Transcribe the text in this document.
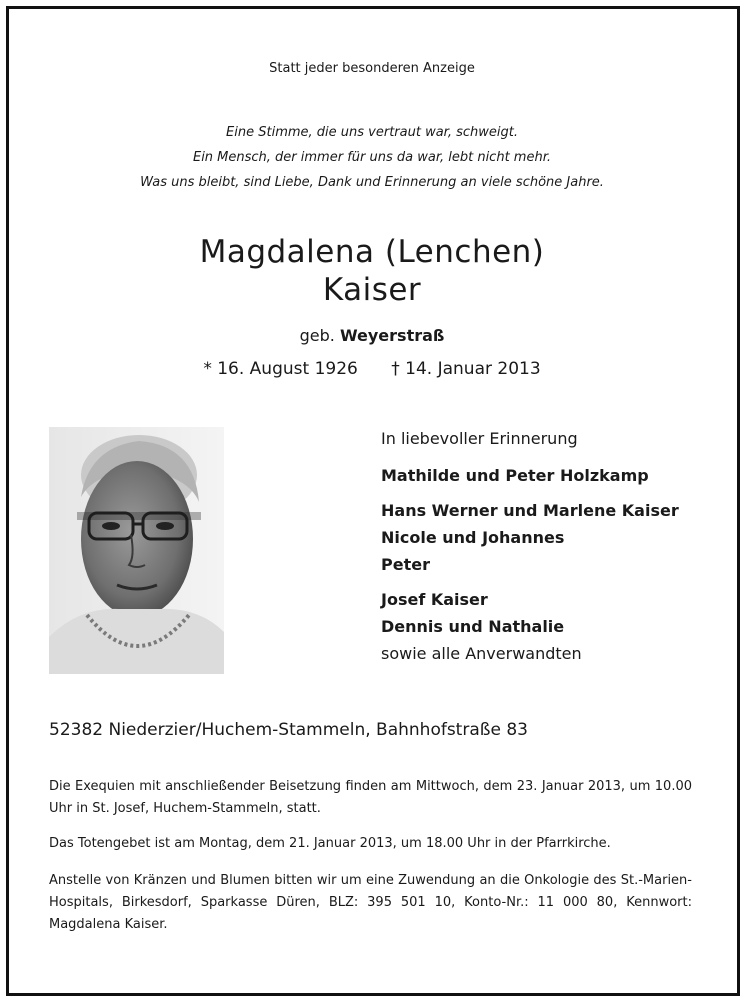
Statt jeder besonderen Anzeige
Eine Stimme, die uns vertraut war, schweigt.
Ein Mensch, der immer für uns da war, lebt nicht mehr.
Was uns bleibt, sind Liebe, Dank und Erinnerung an viele schöne Jahre.
Magdalena (Lenchen)
Kaiser
geb. Weyerstraß
* 16. August 1926 † 14. Januar 2013
In liebevoller Erinnerung
Mathilde und Peter Holzkamp
Hans Werner und Marlene Kaiser
Nicole und Johannes
Peter
Josef Kaiser
Dennis und Nathalie
sowie alle Anverwandten
52382 Niederzier/Huchem-Stammeln, Bahnhofstraße 83
Die Exequien mit anschließender Beisetzung finden am Mittwoch, dem 23. Januar 2013, um 10.00 Uhr in St. Josef, Huchem-Stammeln, statt.
Das Totengebet ist am Montag, dem 21. Januar 2013, um 18.00 Uhr in der Pfarrkirche.
Anstelle von Kränzen und Blumen bitten wir um eine Zuwendung an die Onkologie des St.-Marien-Hospitals, Birkesdorf, Sparkasse Düren, BLZ: 395 501 10, Konto-Nr.: 11 000 80, Kennwort: Magdalena Kaiser.
